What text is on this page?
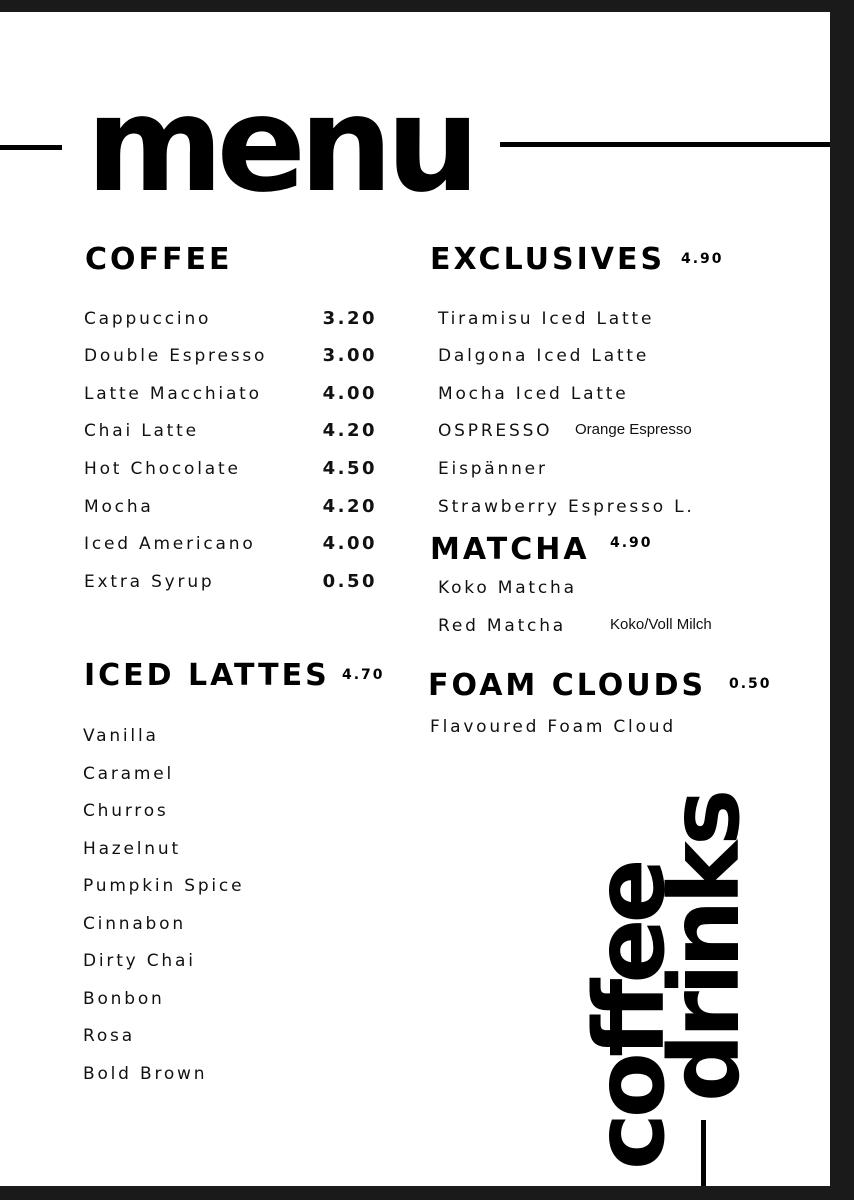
menu
COFFEE
Cappuccino	3.20
Double Espresso	3.00
Latte Macchiato	4.00
Chai Latte	4.20
Hot Chocolate	4.50
Mocha	4.20
Iced Americano	4.00
Extra Syrup	0.50
ICED LATTES 4.70
Vanilla
Caramel
Churros
Hazelnut
Pumpkin Spice
Cinnabon
Dirty Chai
Bonbon
Rosa
Bold Brown
EXCLUSIVES 4.90
Tiramisu Iced Latte
Dalgona Iced Latte
Mocha Iced Latte
OSPRESSO Orange Espresso
Eispänner
Strawberry Espresso L.
MATCHA 4.90
Koko Matcha
Red Matcha	Koko/Voll Milch
FOAM CLOUDS 0.50
Flavoured Foam Cloud
coffee
drinks
